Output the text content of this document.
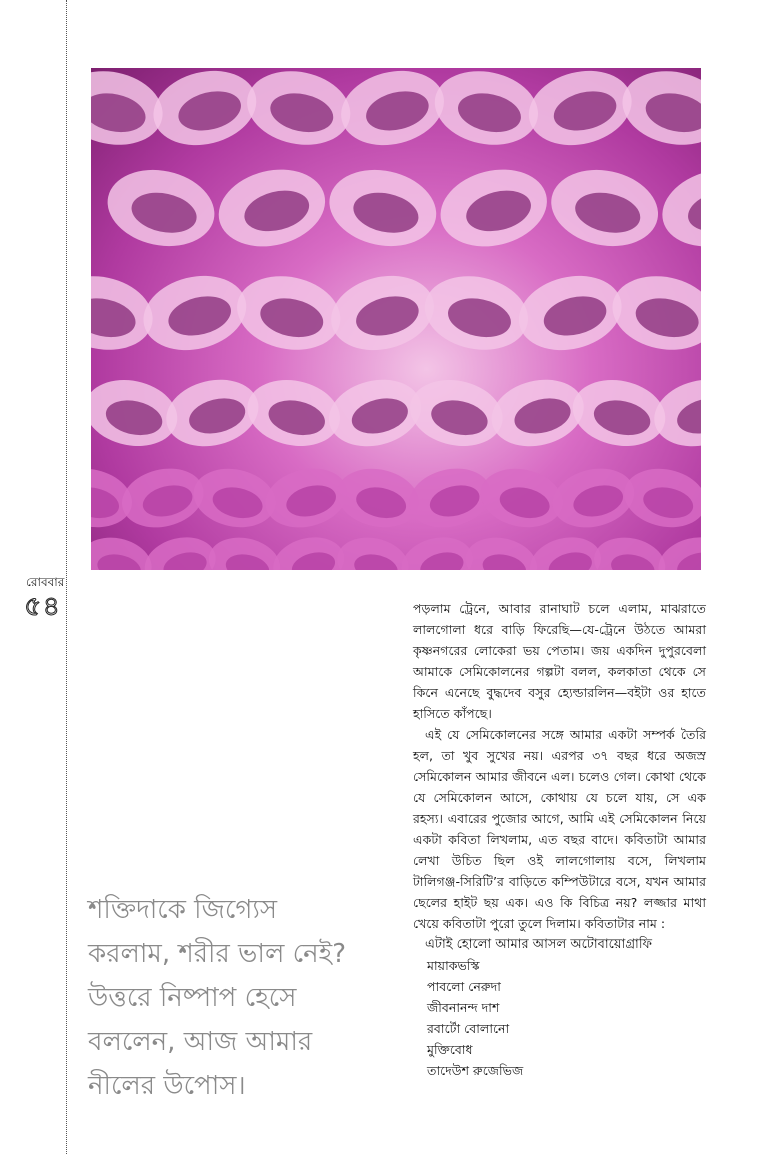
রোববার
৫৪
শক্তিদাকে জিগ্যেস করলাম, শরীর ভাল নেই? উত্তরে নিষ্পাপ হেসে বললেন, আজ আমার নীলের উপোস।

পড়লাম ট্রেনে, আবার রানাঘাট চলে এলাম, মাঝরাতে লালগোলা ধরে বাড়ি ফিরেছি—যে-ট্রেনে উঠতে আমরা কৃষ্ণনগরের লোকেরা ভয় পেতাম। জয় একদিন দুপুরবেলা আমাকে সেমিকোলনের গল্পটা বলল, কলকাতা থেকে সে কিনে এনেছে বুদ্ধদেব বসুর হ্যেল্ডারলিন—বইটা ওর হাতে হাসিতে কাঁপছে।

এই যে সেমিকোলনের সঙ্গে আমার একটা সম্পর্ক তৈরি হল, তা খুব সুখের নয়। এরপর ৩৭ বছর ধরে অজস্র সেমিকোলন আমার জীবনে এল। চলেও গেল। কোথা থেকে যে সেমিকোলন আসে, কোথায় যে চলে যায়, সে এক রহস্য। এবারের পুজোর আগে, আমি এই সেমিকোলন নিয়ে একটা কবিতা লিখলাম, এত বছর বাদে। কবিতাটা আমার লেখা উচিত ছিল ওই লালগোলায় বসে, লিখলাম টালিগঞ্জ-সিরিটি’র বাড়িতে কম্পিউটারে বসে, যখন আমার ছেলের হাইট ছয় এক। এও কি বিচিত্র নয়? লজ্জার মাথা খেয়ে কবিতাটা পুরো তুলে দিলাম। কবিতাটার নাম :

এটাই হোলো আমার আসল অটোবায়োগ্রাফি
মায়াকভস্কি
পাবলো নেরুদা
জীবনানন্দ দাশ
রবার্টো বোলানো
মুক্তিবোধ
তাদেউশ রুজেভিজ
